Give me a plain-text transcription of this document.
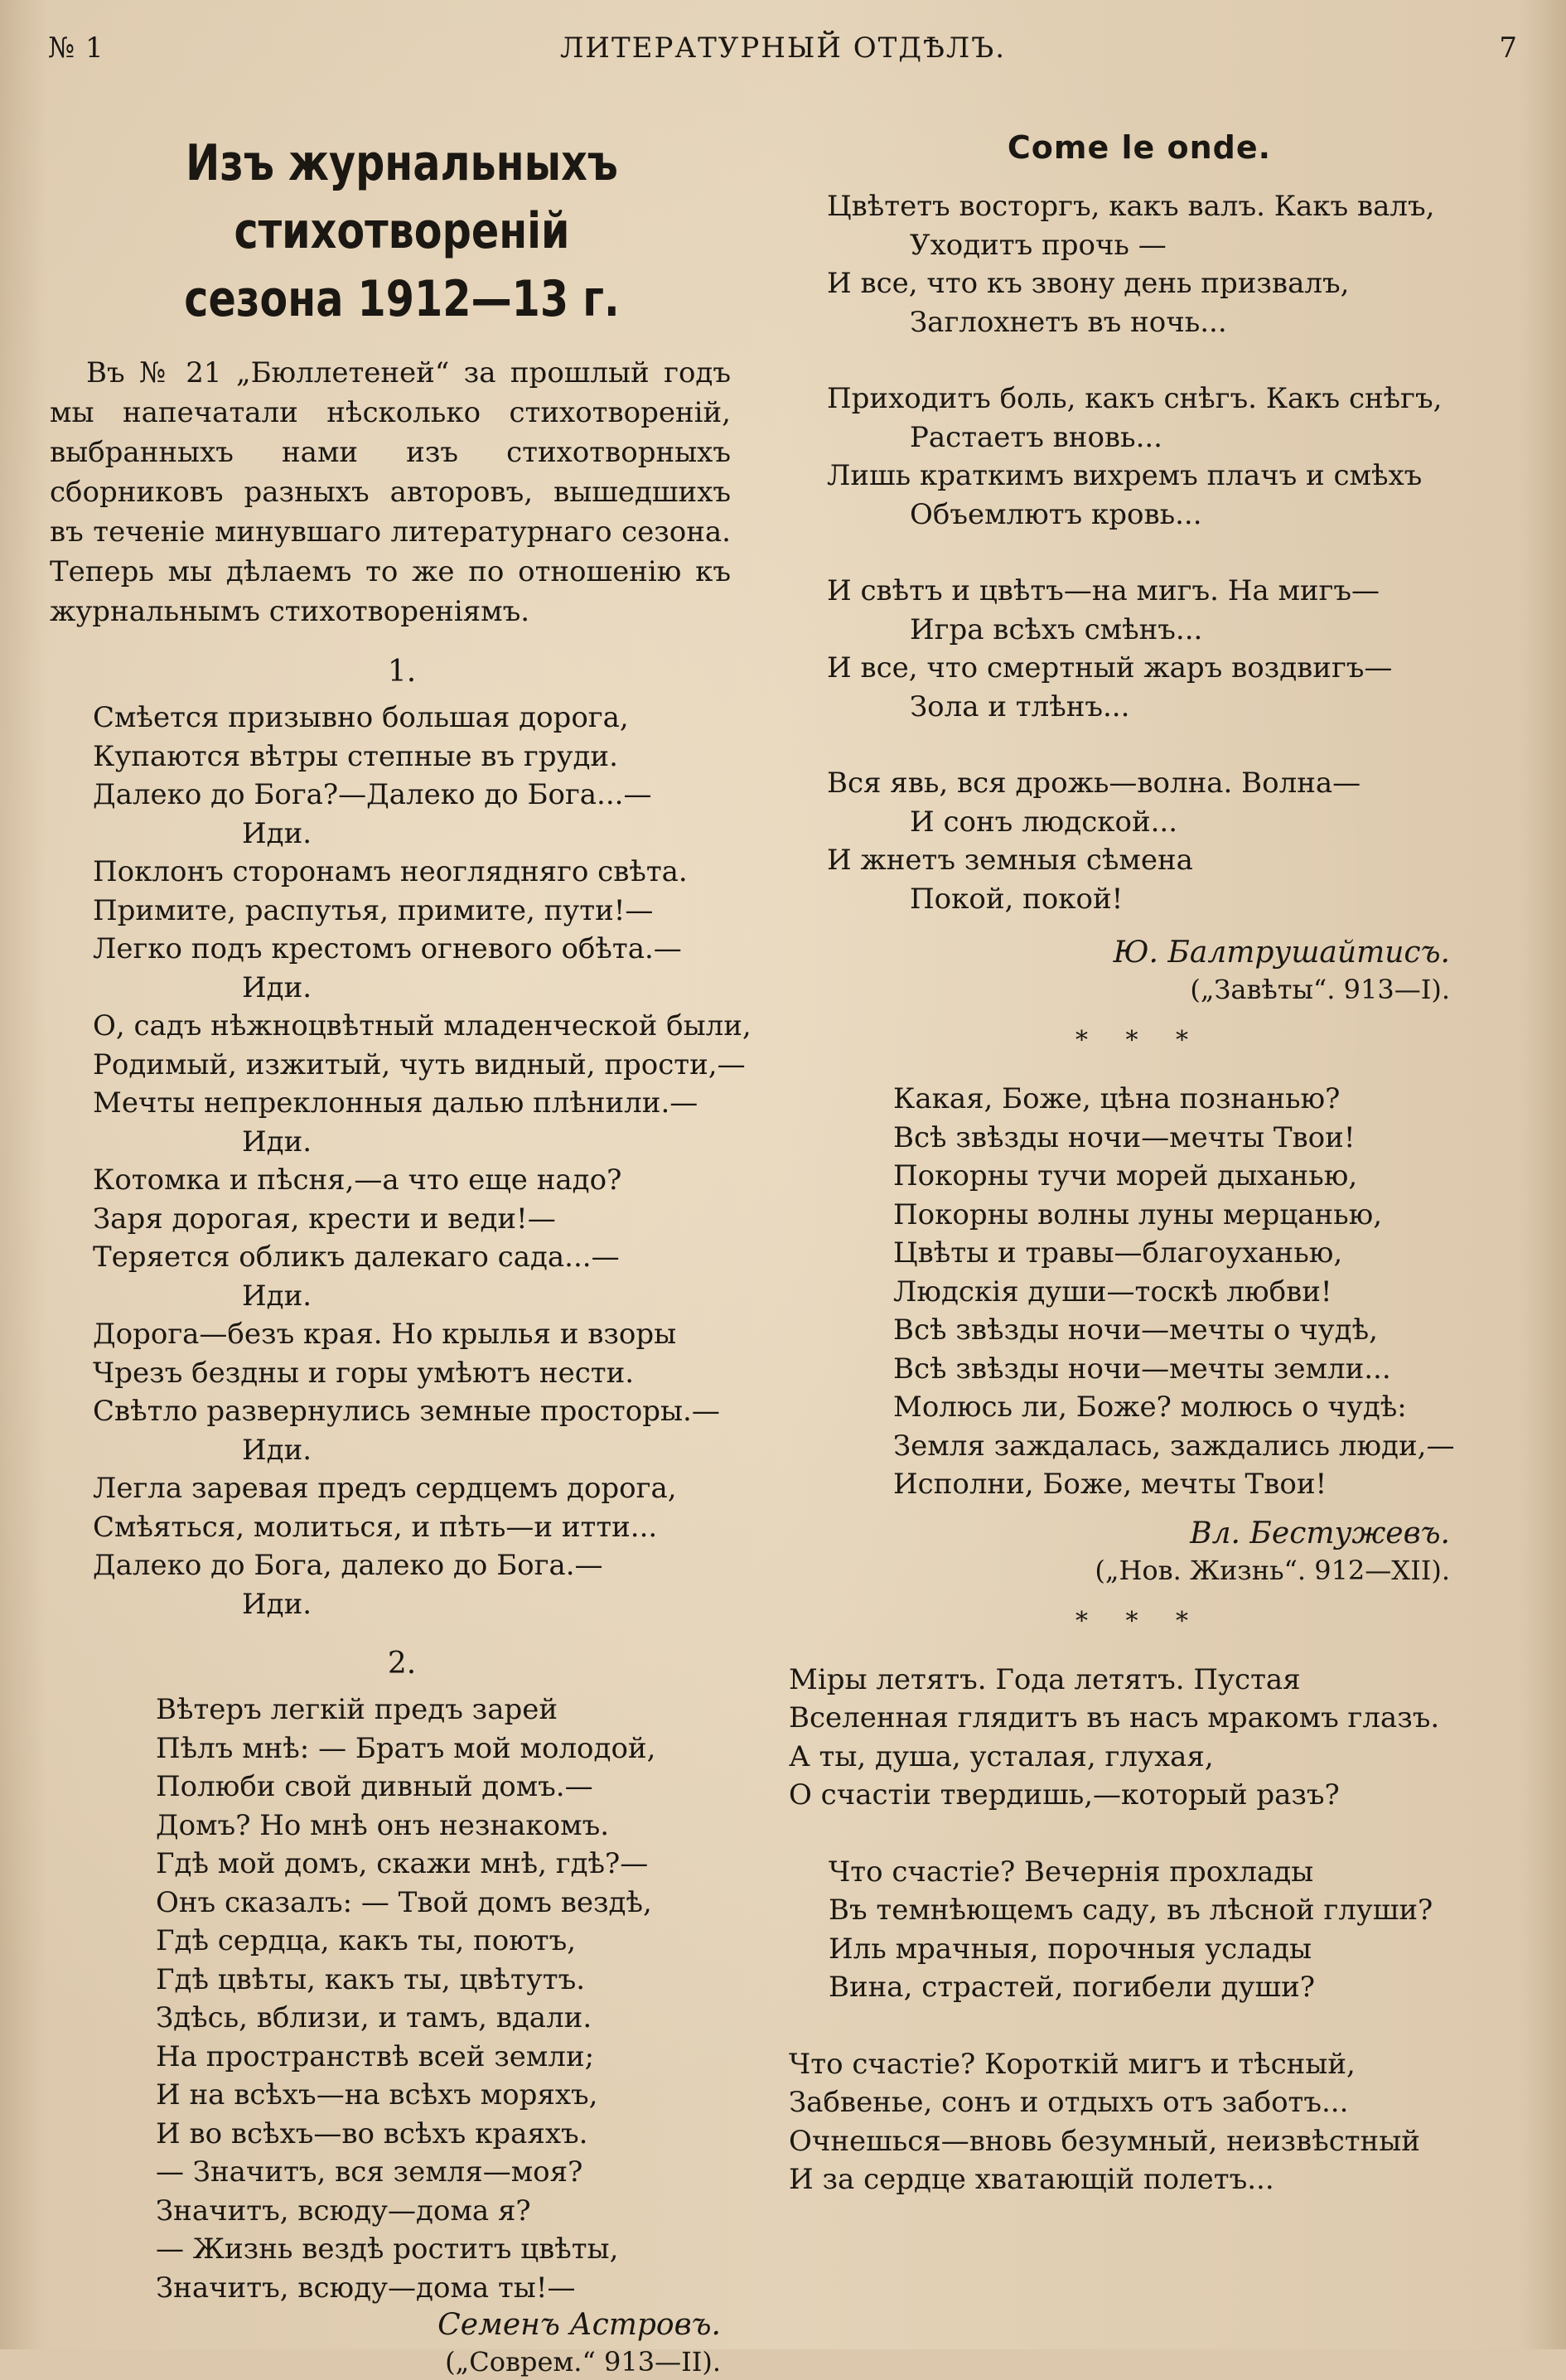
ЛИТЕРАТУРНЫЙ ОТДѢЛЪ.
№ 1	7
Изъ журнальныхъ стихотвореній
сезона 1912—13 г.
Въ № 21 „Бюллетеней“ за прошлый годъ мы напечатали нѣсколько стихотвореній, выбранныхъ нами изъ стихотворныхъ сборниковъ разныхъ авторовъ, вышедшихъ въ теченіе минувшаго литературнаго сезона. Теперь мы дѣлаемъ то же по отношенію къ журнальнымъ стихотвореніямъ.
1.
Смѣется призывно большая дорога,
Купаются вѣтры степные въ груди.
Далеко до Бога?—Далеко до Бога...—
Иди.
Поклонъ сторонамъ неоглядняго свѣта.
Примите, распутья, примите, пути!—
Легко подъ крестомъ огневого обѣта.—
Иди.
О, садъ нѣжноцвѣтный младенческой были,
Родимый, изжитый, чуть видный, прости,—
Мечты непреклонныя далью плѣнили.—
Иди.
Котомка и пѣсня,—а что еще надо?
Заря дорогая, крести и веди!—
Теряется обликъ далекаго сада...—
Иди.
Дорога—безъ края. Но крылья и взоры
Чрезъ бездны и горы умѣютъ нести.
Свѣтло развернулись земные просторы.—
Иди.
Легла заревая предъ сердцемъ дорога,
Смѣяться, молиться, и пѣть—и итти...
Далеко до Бога, далеко до Бога.—
Иди.
2.
Вѣтеръ легкій предъ зарей
Пѣлъ мнѣ: — Братъ мой молодой,
Полюби свой дивный домъ.—
Домъ? Но мнѣ онъ незнакомъ.
Гдѣ мой домъ, скажи мнѣ, гдѣ?—
Онъ сказалъ: — Твой домъ вездѣ,
Гдѣ сердца, какъ ты, поютъ,
Гдѣ цвѣты, какъ ты, цвѣтутъ.
Здѣсь, вблизи, и тамъ, вдали.
На пространствѣ всей земли;
И на всѣхъ—на всѣхъ моряхъ,
И во всѣхъ—во всѣхъ краяхъ.
— Значитъ, вся земля—моя?
Значитъ, всюду—дома я?
— Жизнь вездѣ роститъ цвѣты,
Значитъ, всюду—дома ты!—
Семенъ Астровъ.
(„Соврем.“ 913—II).
Come le onde.
Цвѣтетъ восторгъ, какъ валъ. Какъ валъ,
Уходитъ прочь —
И все, что къ звону день призвалъ,
Заглохнетъ въ ночь...
Приходитъ боль, какъ снѣгъ. Какъ снѣгъ,
Растаетъ вновь...
Лишь краткимъ вихремъ плачъ и смѣхъ
Объемлютъ кровь...
И свѣтъ и цвѣтъ—на мигъ. На мигъ—
Игра всѣхъ смѣнъ...
И все, что смертный жаръ воздвигъ—
Зола и тлѣнъ...
Вся явь, вся дрожь—волна. Волна—
И сонъ людской...
И жнетъ земныя сѣмена
Покой, покой!
Ю. Балтрушайтисъ.
(„Завѣты“. 913—I).
* * *
Какая, Боже, цѣна познанью?
Всѣ звѣзды ночи—мечты Твои!
Покорны тучи морей дыханью,
Покорны волны луны мерцанью,
Цвѣты и травы—благоуханью,
Людскія души—тоскѣ любви!
Всѣ звѣзды ночи—мечты о чудѣ,
Всѣ звѣзды ночи—мечты земли...
Молюсь ли, Боже? молюсь о чудѣ:
Земля заждалась, заждались люди,—
Исполни, Боже, мечты Твои!
Вл. Бестужевъ.
(„Нов. Жизнь“. 912—XII).
* * *
Міры летятъ. Года летятъ. Пустая
Вселенная глядитъ въ насъ мракомъ глазъ.
А ты, душа, усталая, глухая,
О счастіи твердишь,—который разъ?
Что счастіе? Вечернія прохлады
Въ темнѣющемъ саду, въ лѣсной глуши?
Иль мрачныя, порочныя услады
Вина, страстей, погибели души?
Что счастіе? Короткій мигъ и тѣсный,
Забвенье, сонъ и отдыхъ отъ заботъ...
Очнешься—вновь безумный, неизвѣстный
И за сердце хватающій полетъ...
